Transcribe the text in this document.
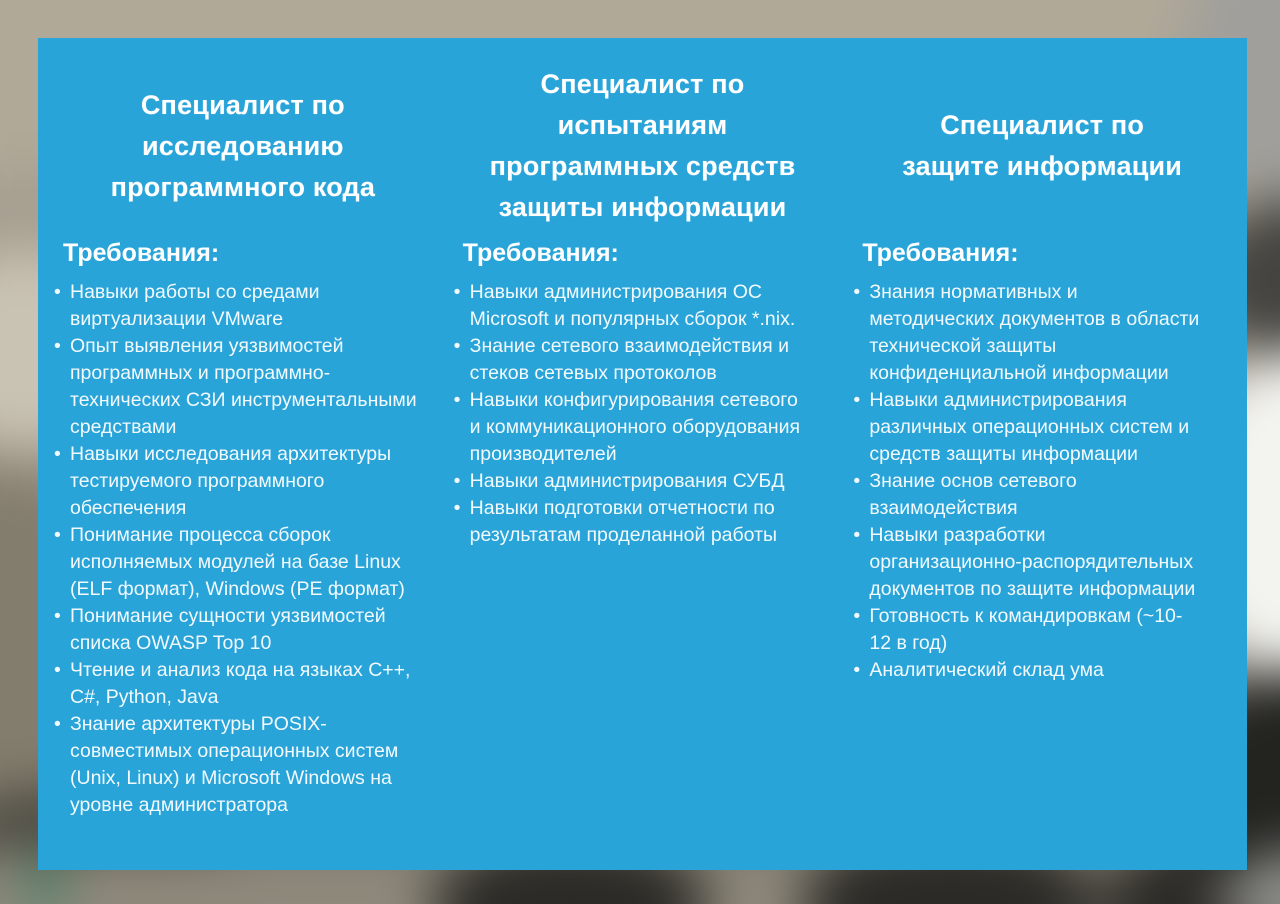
Специалист по
исследованию
программного кода
Требования:
• Навыки работы со средами виртуализации VMware
• Опыт выявления уязвимостей программных и программно-технических СЗИ инструментальными средствами
• Навыки исследования архитектуры тестируемого программного обеспечения
• Понимание процесса сборок исполняемых модулей на базе Linux (ELF формат), Windows (PE формат)
• Понимание сущности уязвимостей списка OWASP Top 10
• Чтение и анализ кода на языках C++, C#, Python, Java
• Знание архитектуры POSIX-совместимых операционных систем (Unix, Linux) и Microsoft Windows на уровне администратора
Специалист по
испытаниям
программных средств
защиты информации
Требования:
• Навыки администрирования ОС Microsoft и популярных сборок *.nix.
• Знание сетевого взаимодействия и стеков сетевых протоколов
• Навыки конфигурирования сетевого и коммуникационного оборудования производителей
• Навыки администрирования СУБД
• Навыки подготовки отчетности по результатам проделанной работы
Специалист по
защите информации
Требования:
• Знания нормативных и методических документов в области технической защиты конфиденциальной информации
• Навыки администрирования различных операционных систем и средств защиты информации
• Знание основ сетевого взаимодействия
• Навыки разработки организационно-распорядительных документов по защите информации
• Готовность к командировкам (~10-12 в год)
• Аналитический склад ума
